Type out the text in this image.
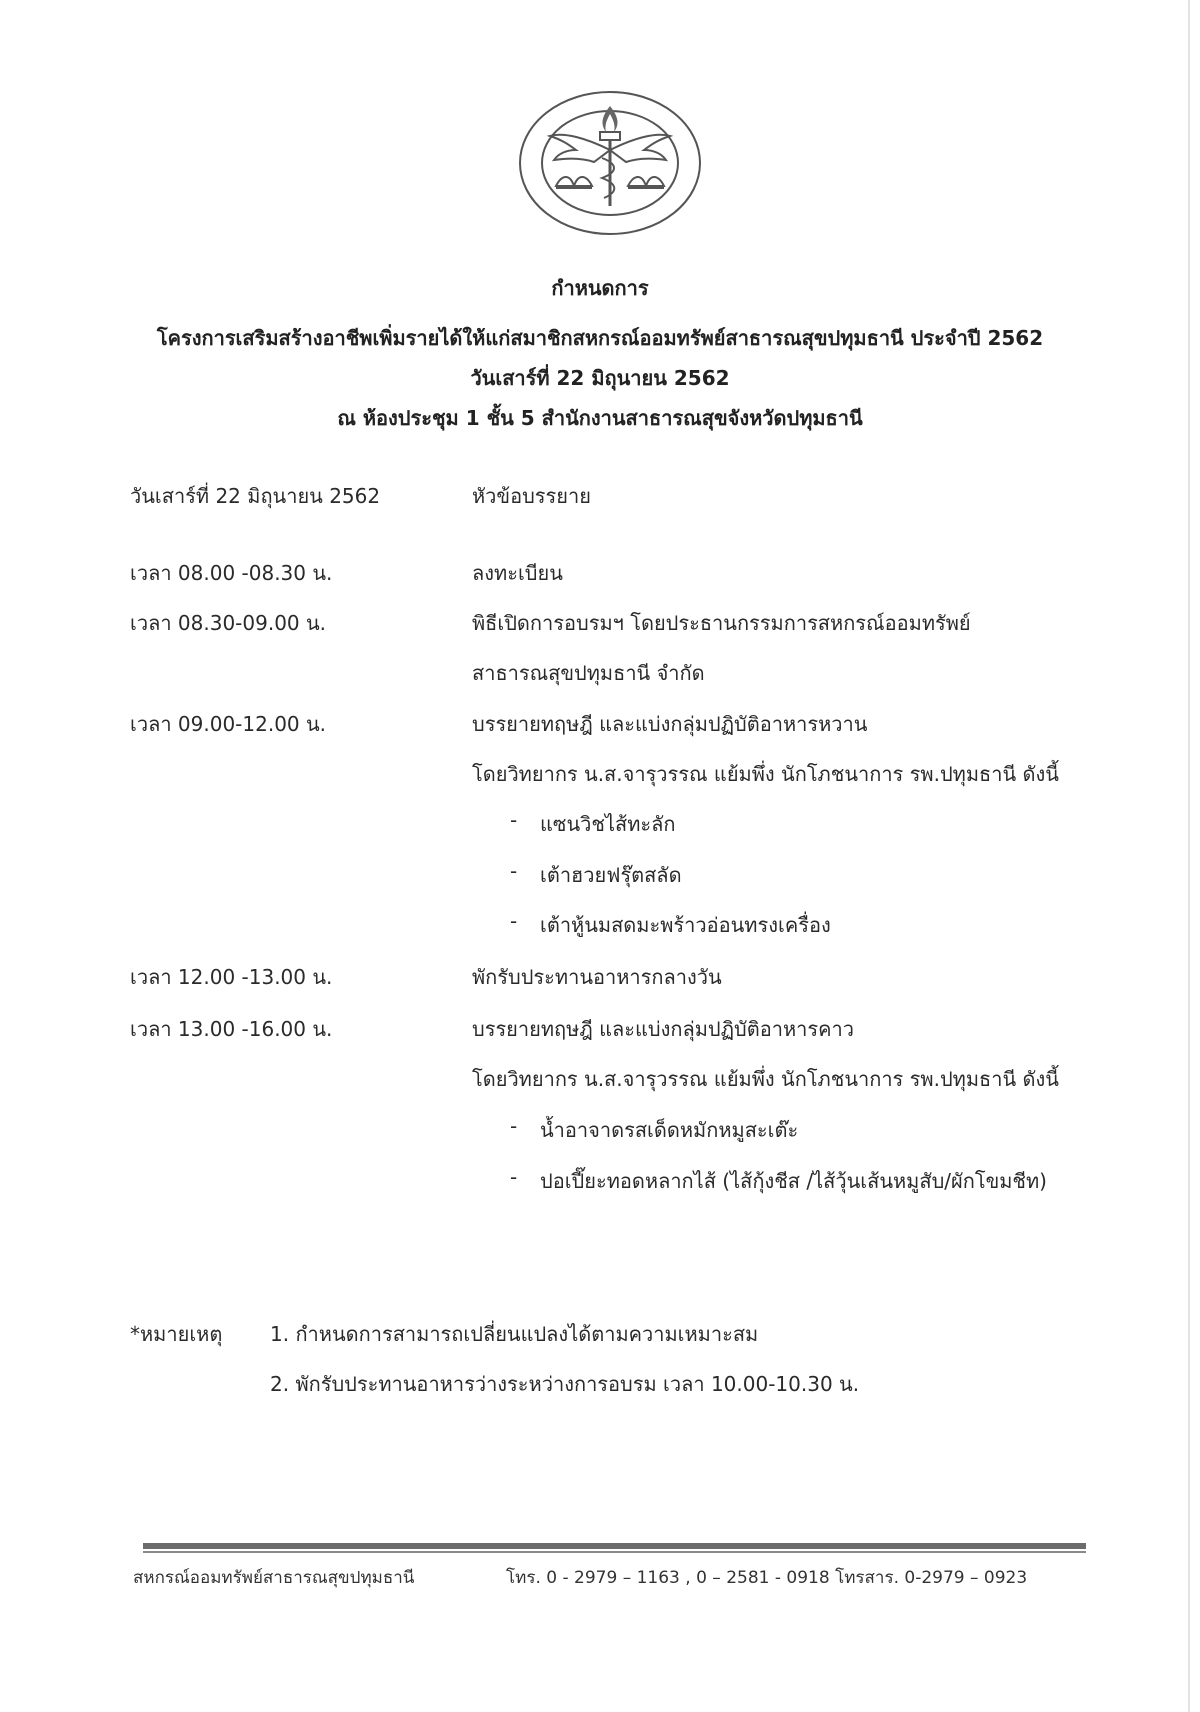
กำหนดการ
โครงการเสริมสร้างอาชีพเพิ่มรายได้ให้แก่สมาชิกสหกรณ์ออมทรัพย์สาธารณสุขปทุมธานี ประจำปี 2562
วันเสาร์ที่ 22 มิถุนายน 2562
ณ ห้องประชุม 1 ชั้น 5 สำนักงานสาธารณสุขจังหวัดปทุมธานี
วันเสาร์ที่ 22 มิถุนายน 2562	หัวข้อบรรยาย
เวลา 08.00 -08.30 น.	ลงทะเบียน
เวลา 08.30-09.00 น.	พิธีเปิดการอบรมฯ โดยประธานกรรมการสหกรณ์ออมทรัพย์
สาธารณสุขปทุมธานี จำกัด
เวลา 09.00-12.00 น.	บรรยายทฤษฎี และแบ่งกลุ่มปฏิบัติอาหารหวาน
โดยวิทยากร น.ส.จารุวรรณ แย้มพึ่ง นักโภชนาการ รพ.ปทุมธานี ดังนี้
- แซนวิชไส้ทะลัก
- เต้าฮวยฟรุ๊ตสลัด
- เต้าหู้นมสดมะพร้าวอ่อนทรงเครื่อง
เวลา 12.00 -13.00 น.	พักรับประทานอาหารกลางวัน
เวลา 13.00 -16.00 น.	บรรยายทฤษฎี และแบ่งกลุ่มปฏิบัติอาหารคาว
โดยวิทยากร น.ส.จารุวรรณ แย้มพึ่ง นักโภชนาการ รพ.ปทุมธานี ดังนี้
- น้ำอาจาดรสเด็ดหมักหมูสะเต๊ะ
- ปอเปี๊ยะทอดหลากไส้ (ไส้กุ้งชีส /ไส้วุ้นเส้นหมูสับ/ผักโขมชีท)
*หมายเหตุ 1. กำหนดการสามารถเปลี่ยนแปลงได้ตามความเหมาะสม
2. พักรับประทานอาหารว่างระหว่างการอบรม เวลา 10.00-10.30 น.
สหกรณ์ออมทรัพย์สาธารณสุขปทุมธานี	โทร. 0 - 2979 – 1163 , 0 – 2581 - 0918 โทรสาร. 0-2979 – 0923
